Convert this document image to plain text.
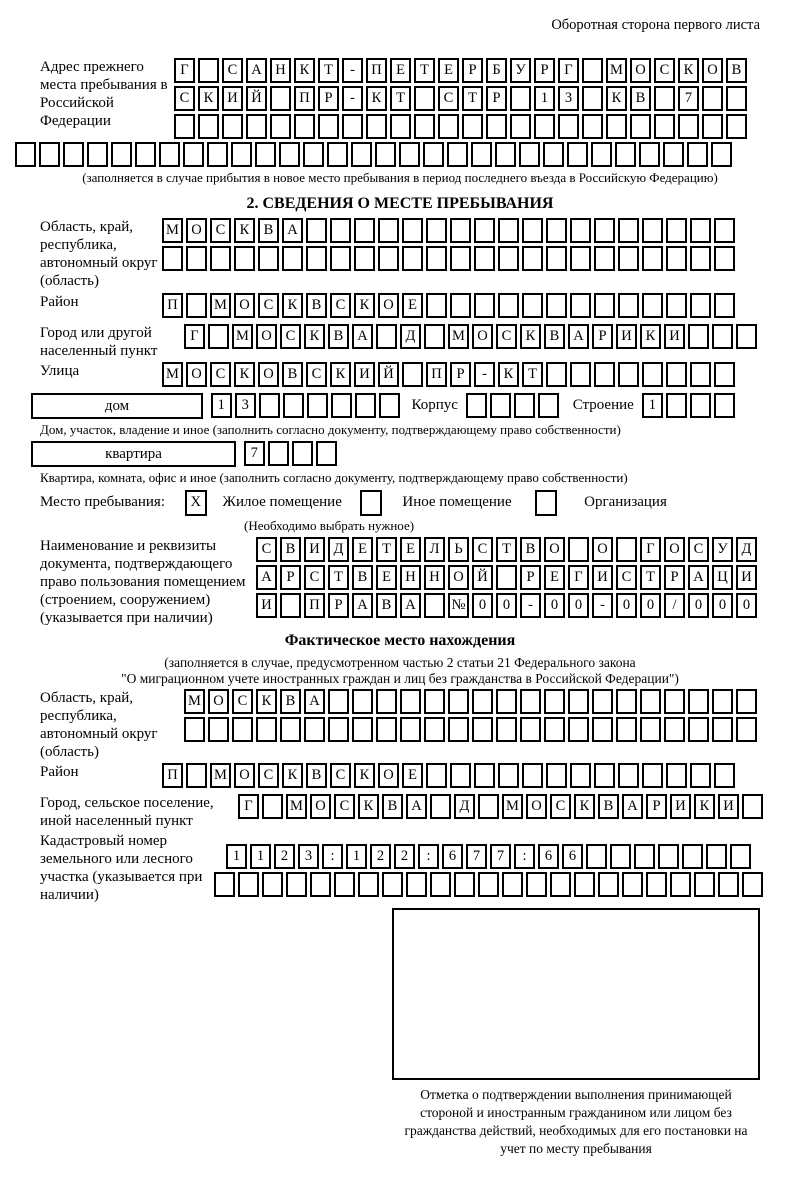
Оборотная сторона первого листа
Адрес прежнего места пребывания в Российской Федерации
Г	С А Н К Т - П Е Т Е Р Б У Р Г	М О С К О В
С К И Й	П Р - К Т	С Т Р	1 3	К В	7
(заполняется в случае прибытия в новое место пребывания в период последнего въезда в Российскую Федерацию)
2. СВЕДЕНИЯ О МЕСТЕ ПРЕБЫВАНИЯ
Область, край, республика, автономный округ (область)
М О С К В А
Район	П	М О С К В С К О Е
Город или другой населенный пункт
Г	М О С К В А	Д	М О С К В А Р И К И
Улица	М О С К О В С К И Й	П Р - К Т
дом	1 3	Корпус	Строение 1
Дом, участок, владение и иное (заполнить согласно документу, подтверждающему право собственности)
квартира	7
Квартира, комната, офис и иное (заполнить согласно документу, подтверждающему право собственности)
Место пребывания: X Жилое помещение	Иное помещение	Организация
(Необходимо выбрать нужное)
Наименование и реквизиты документа, подтверждающего право пользования помещением (строением, сооружением) (указывается при наличии)
С В И Д Е Т Е Л Ь С Т В О	О	Г О С У Д
А Р С Т В Е Н Н О Й	Р Е Г И С Т Р А Ц И
И	П Р А В А № 0 0 - 0 0 - 0 0 / 0 0 0
Фактическое место нахождения
(заполняется в случае, предусмотренном частью 2 статьи 21 Федерального закона
"О миграционном учете иностранных граждан и лиц без гражданства в Российской Федерации")
Область, край, республика, автономный округ (область)
М О С К В А
Район	П	М О С К В С К О Е
Город, сельское поселение, иной населенный пункт
Г	М О С К В А	Д	М О С К В А Р И К И
Кадастровый номер земельного или лесного участка (указывается при наличии)
1 1 2 3 : 1 2 2 : 6 7 7 : 6 6
Отметка о подтверждении выполнения принимающей стороной и иностранным гражданином или лицом без гражданства действий, необходимых для его постановки на учет по месту пребывания
